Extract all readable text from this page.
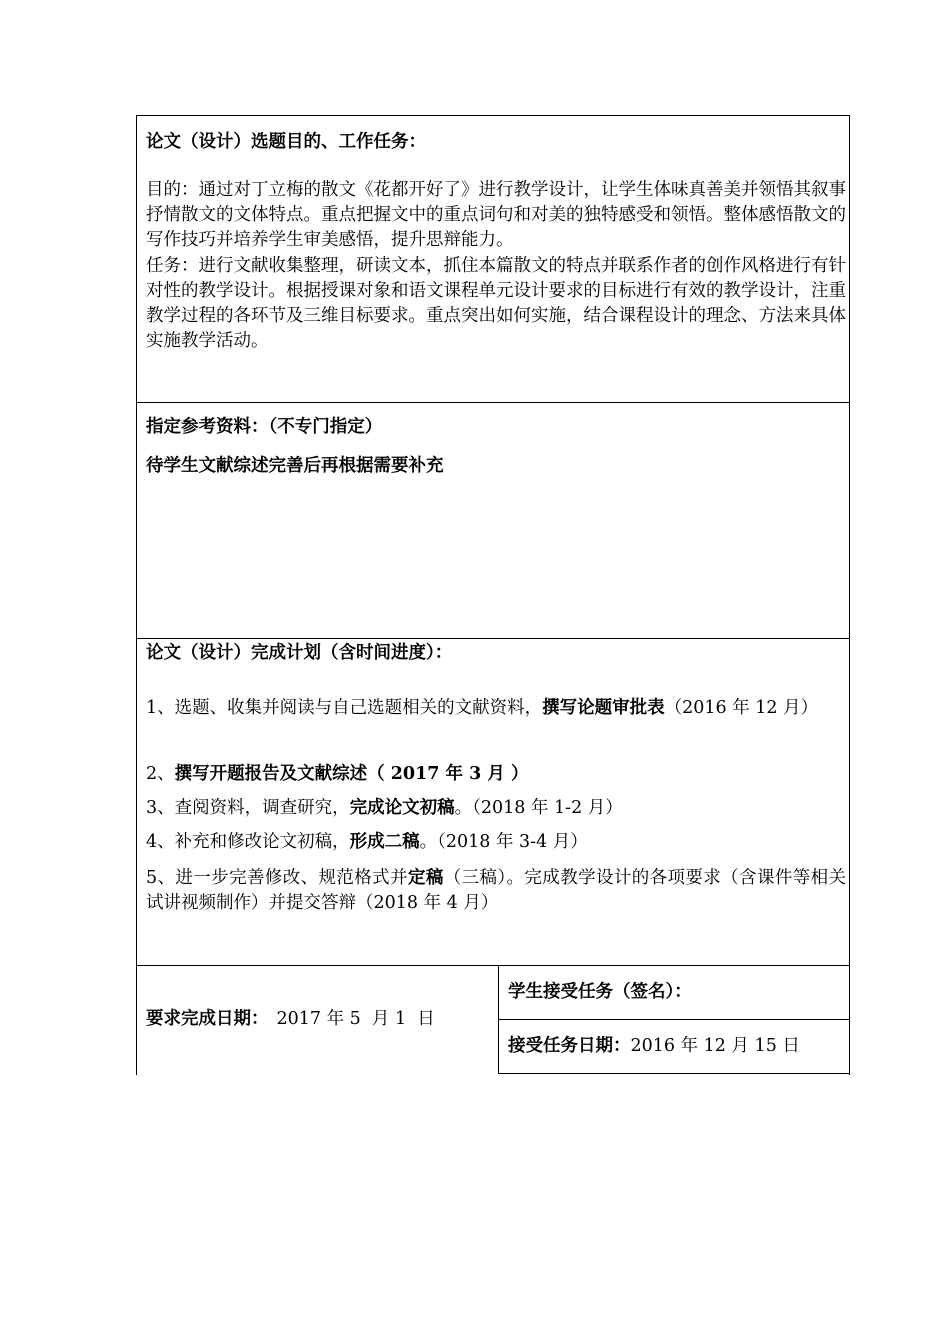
论文（设计）选题目的、工作任务：
目的：通过对丁立梅的散文《花都开好了》进行教学设计，让学生体味真善美并领悟其叙事抒情散文的文体特点。重点把握文中的重点词句和对美的独特感受和领悟。整体感悟散文的写作技巧并培养学生审美感悟，提升思辩能力。
任务：进行文献收集整理，研读文本，抓住本篇散文的特点并联系作者的创作风格进行有针对性的教学设计。根据授课对象和语文课程单元设计要求的目标进行有效的教学设计，注重教学过程的各环节及三维目标要求。重点突出如何实施，结合课程设计的理念、方法来具体实施教学活动。
指定参考资料：（不专门指定）
待学生文献综述完善后再根据需要补充
论文（设计）完成计划（含时间进度）：
1、选题、收集并阅读与自己选题相关的文献资料，撰写论题审批表（2016 年 12 月）
2、撰写开题报告及文献综述（ 2017 年 3 月 ）
3、查阅资料，调查研究，完成论文初稿。（2018 年 1-2 月）
4、补充和修改论文初稿，形成二稿。（2018 年 3-4 月）
5、进一步完善修改、规范格式并定稿（三稿）。完成教学设计的各项要求（含课件等相关试讲视频制作）并提交答辩（2018 年 4 月）
要求完成日期： 2017 年 5  月 1  日
学生接受任务（签名）：
接受任务日期：2016 年 12 月 15 日
